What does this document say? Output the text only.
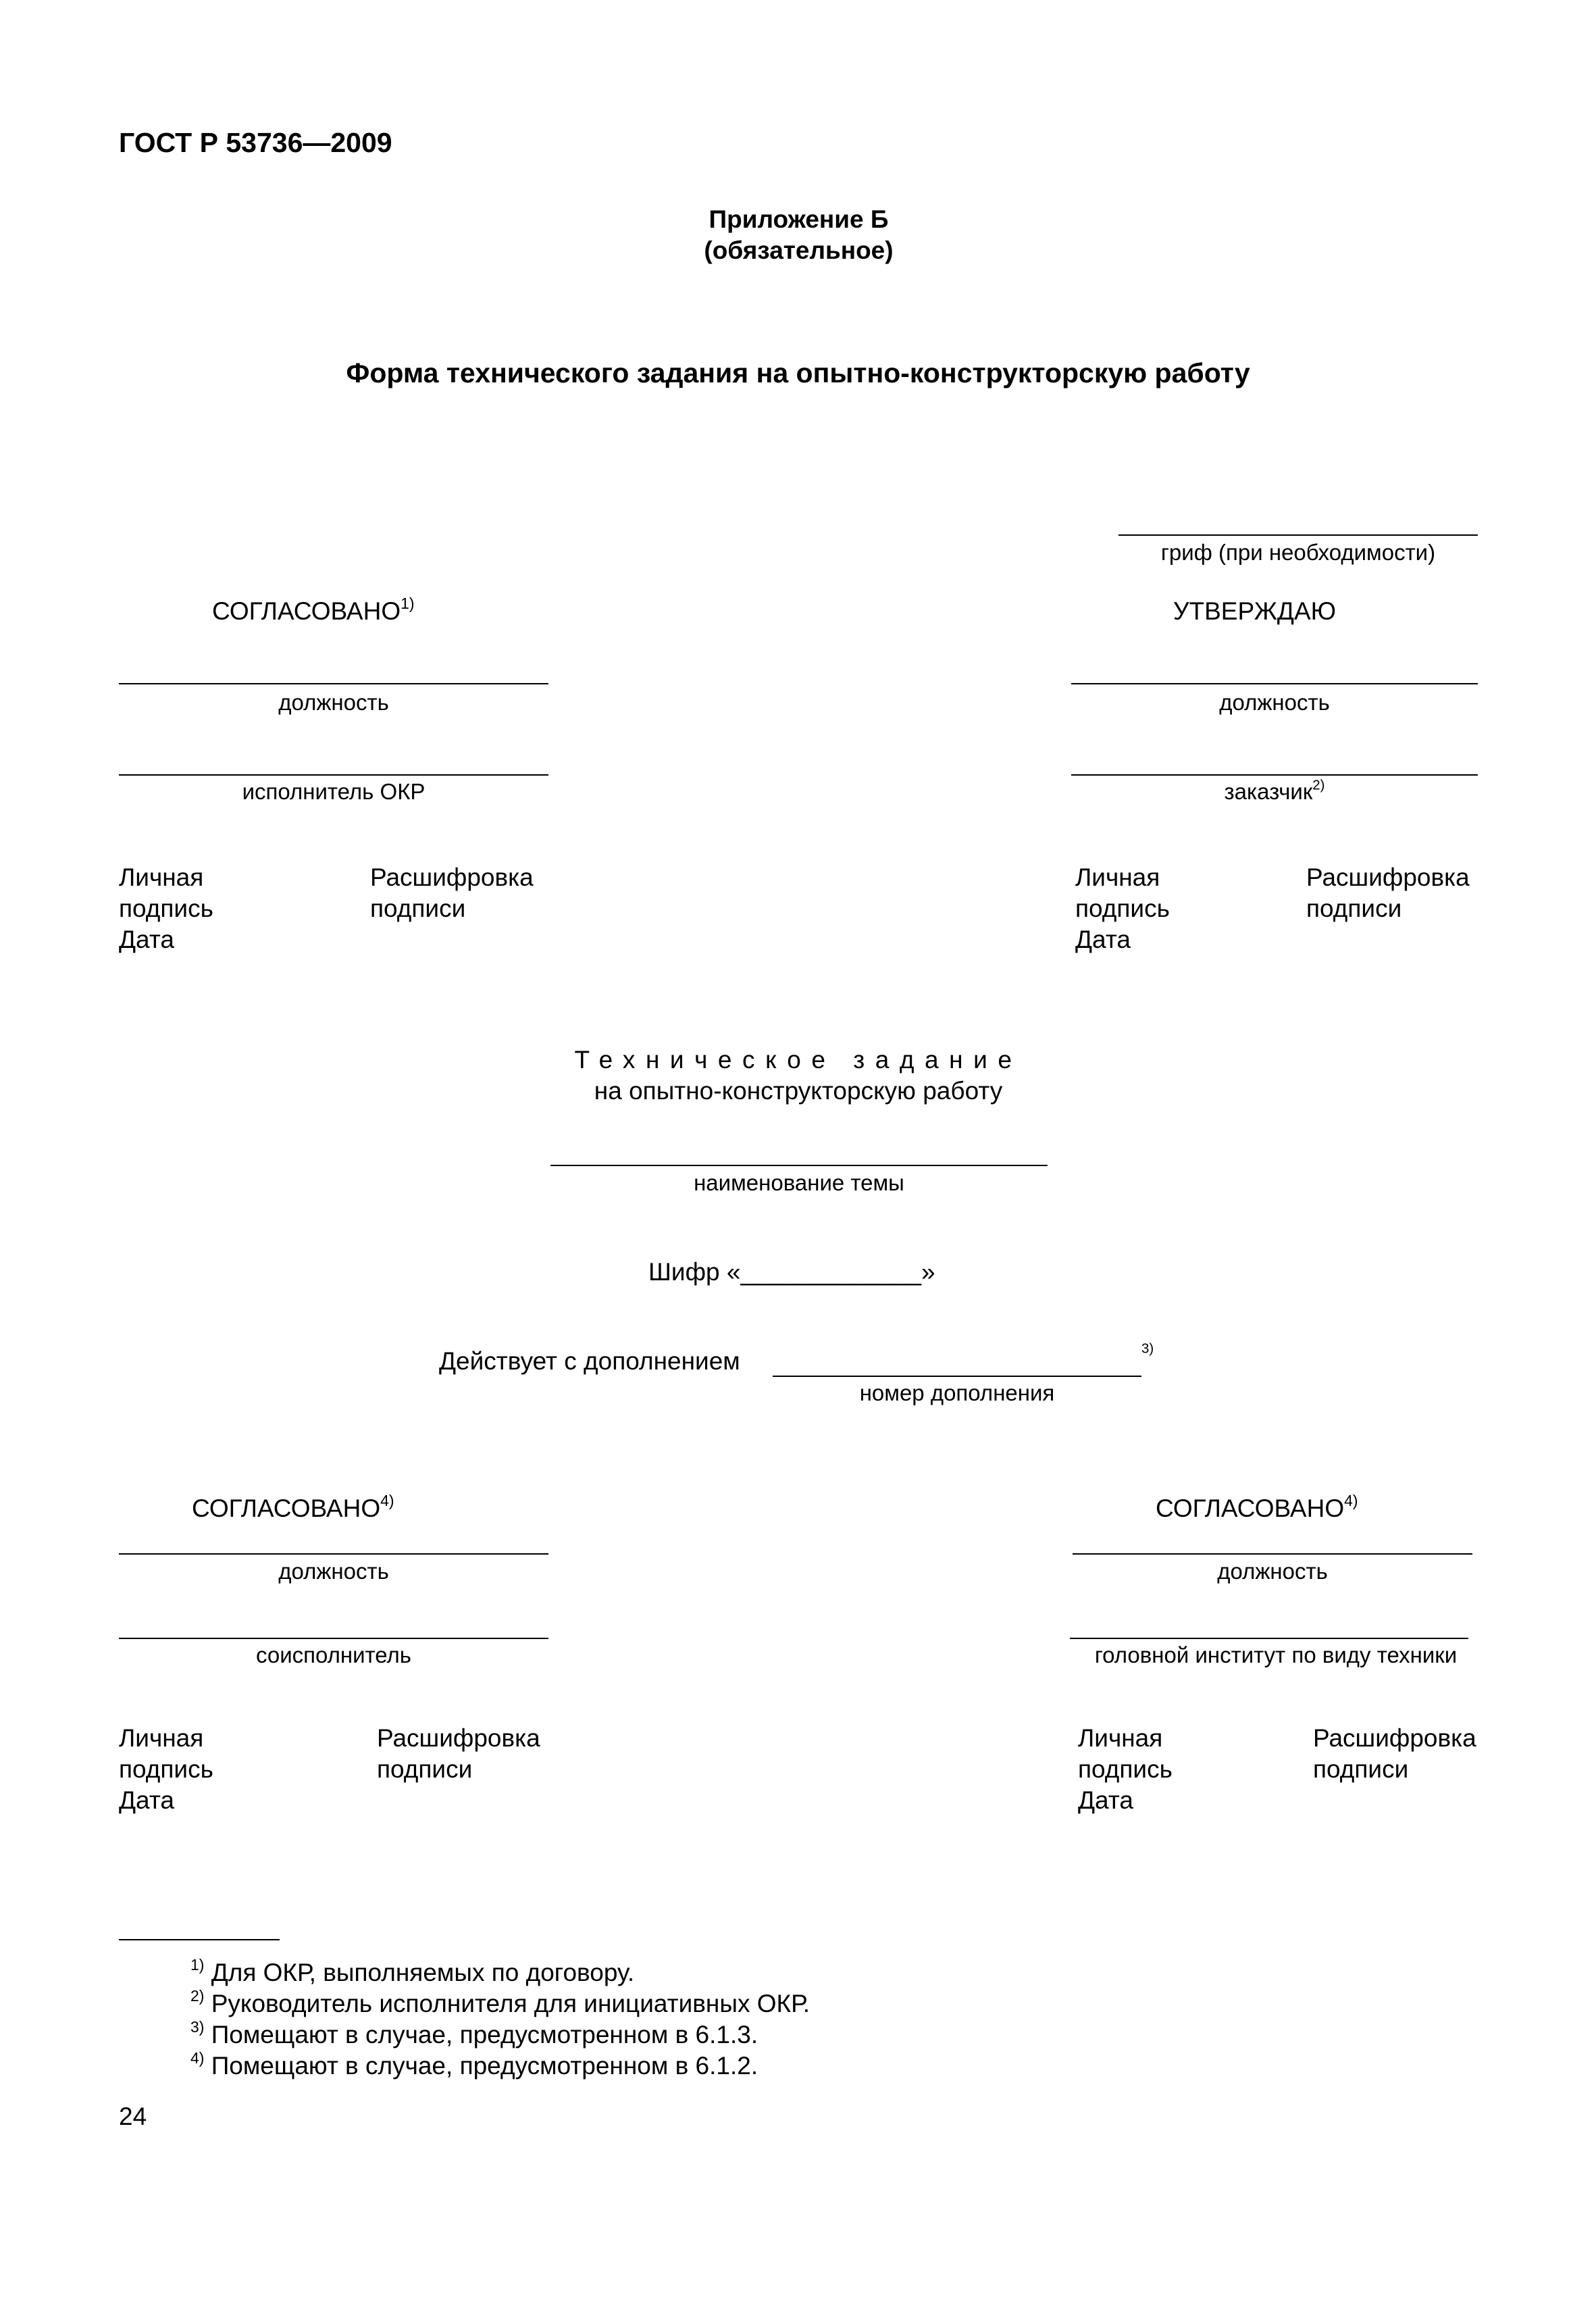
ГОСТ Р 53736—2009
Приложение Б
(обязательное)
Форма технического задания на опытно-конструкторскую работу
гриф (при необходимости)
СОГЛАСОВАНО$^{1)}$
должность
исполнитель ОКР
Личная
подпись
Дата
Расшифровка
подписи
УТВЕРЖДАЮ
должность
заказчик$^{2)}$
Личная
подпись
Дата
Расшифровка
подписи
Техническое задание
на опытно-конструкторскую работу
наименование темы
Шифр «_____________»
Действует с дополнением	$^{3)}$
номер дополнения
СОГЛАСОВАНО$^{4)}$
должность
соисполнитель
Личная
подпись
Дата
Расшифровка
подписи
СОГЛАСОВАНО$^{4)}$
должность
головной институт по виду техники
Личная
подпись
Дата
Расшифровка
подписи
$^{1)}$ Для ОКР, выполняемых по договору.
$^{2)}$ Руководитель исполнителя для инициативных ОКР.
$^{3)}$ Помещают в случае, предусмотренном в 6.1.3.
$^{4)}$ Помещают в случае, предусмотренном в 6.1.2.
24
